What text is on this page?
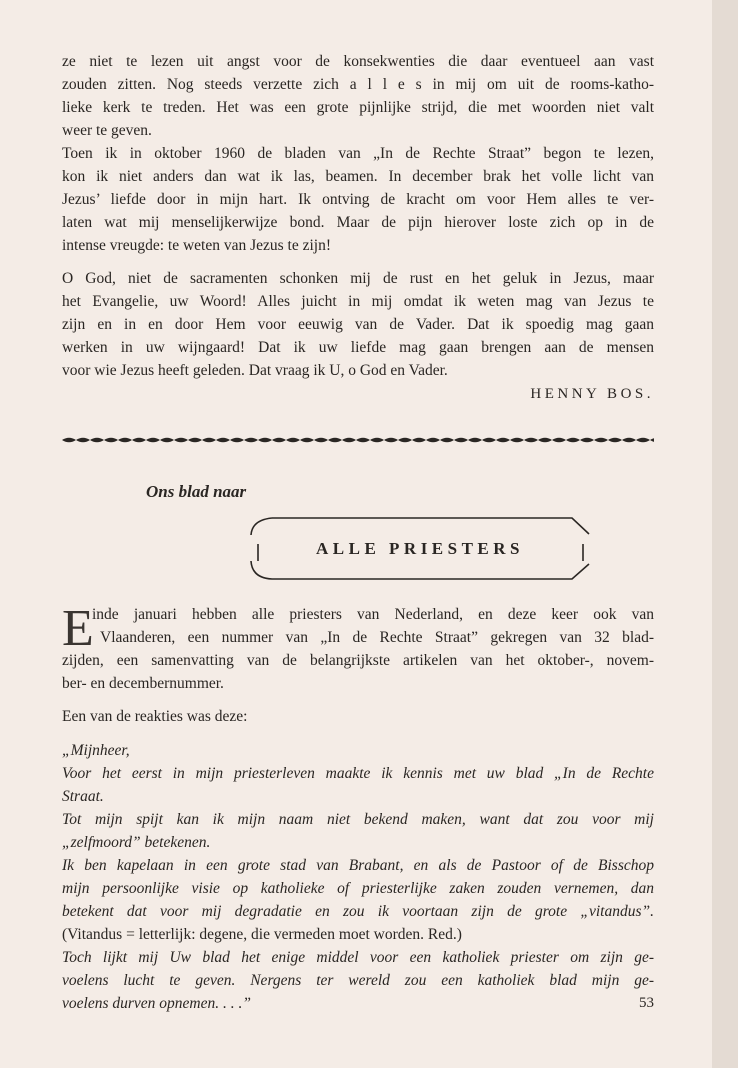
ze niet te lezen uit angst voor de konsekwenties die daar eventueel aan vast
zouden zitten. Nog steeds verzette zich a l l e s in mij om uit de rooms-katho-
lieke kerk te treden. Het was een grote pijnlijke strijd, die met woorden niet valt
weer te geven.
Toen ik in oktober 1960 de bladen van „In de Rechte Straat” begon te lezen,
kon ik niet anders dan wat ik las, beamen. In december brak het volle licht van
Jezus’ liefde door in mijn hart. Ik ontving de kracht om voor Hem alles te ver-
laten wat mij menselijkerwijze bond. Maar de pijn hierover loste zich op in de
intense vreugde: te weten van Jezus te zijn!
O God, niet de sacramenten schonken mij de rust en het geluk in Jezus, maar
het Evangelie, uw Woord! Alles juicht in mij omdat ik weten mag van Jezus te
zijn en in en door Hem voor eeuwig van de Vader. Dat ik spoedig mag gaan
werken in uw wijngaard! Dat ik uw liefde mag gaan brengen aan de mensen
voor wie Jezus heeft geleden. Dat vraag ik U, o God en Vader.
HENNY BOS.
Ons blad naar
ALLE PRIESTERS
E
inde januari hebben alle priesters van Nederland, en deze keer ook van
Vlaanderen, een nummer van „In de Rechte Straat” gekregen van 32 blad-
zijden, een samenvatting van de belangrijkste artikelen van het oktober-, novem-
ber- en decembernummer.
Een van de reakties was deze:
„Mijnheer,
Voor het eerst in mijn priesterleven maakte ik kennis met uw blad „In de Rechte
Straat.
Tot mijn spijt kan ik mijn naam niet bekend maken, want dat zou voor mij
„zelfmoord” betekenen.
Ik ben kapelaan in een grote stad van Brabant, en als de Pastoor of de Bisschop
mijn persoonlijke visie op katholieke of priesterlijke zaken zouden vernemen, dan
betekent dat voor mij degradatie en zou ik voortaan zijn de grote „vitandus”.
(Vitandus = letterlijk: degene, die vermeden moet worden. Red.)
Toch lijkt mij Uw blad het enige middel voor een katholiek priester om zijn ge-
voelens lucht te geven. Nergens ter wereld zou een katholiek blad mijn ge-
voelens durven opnemen. . . .”	53
